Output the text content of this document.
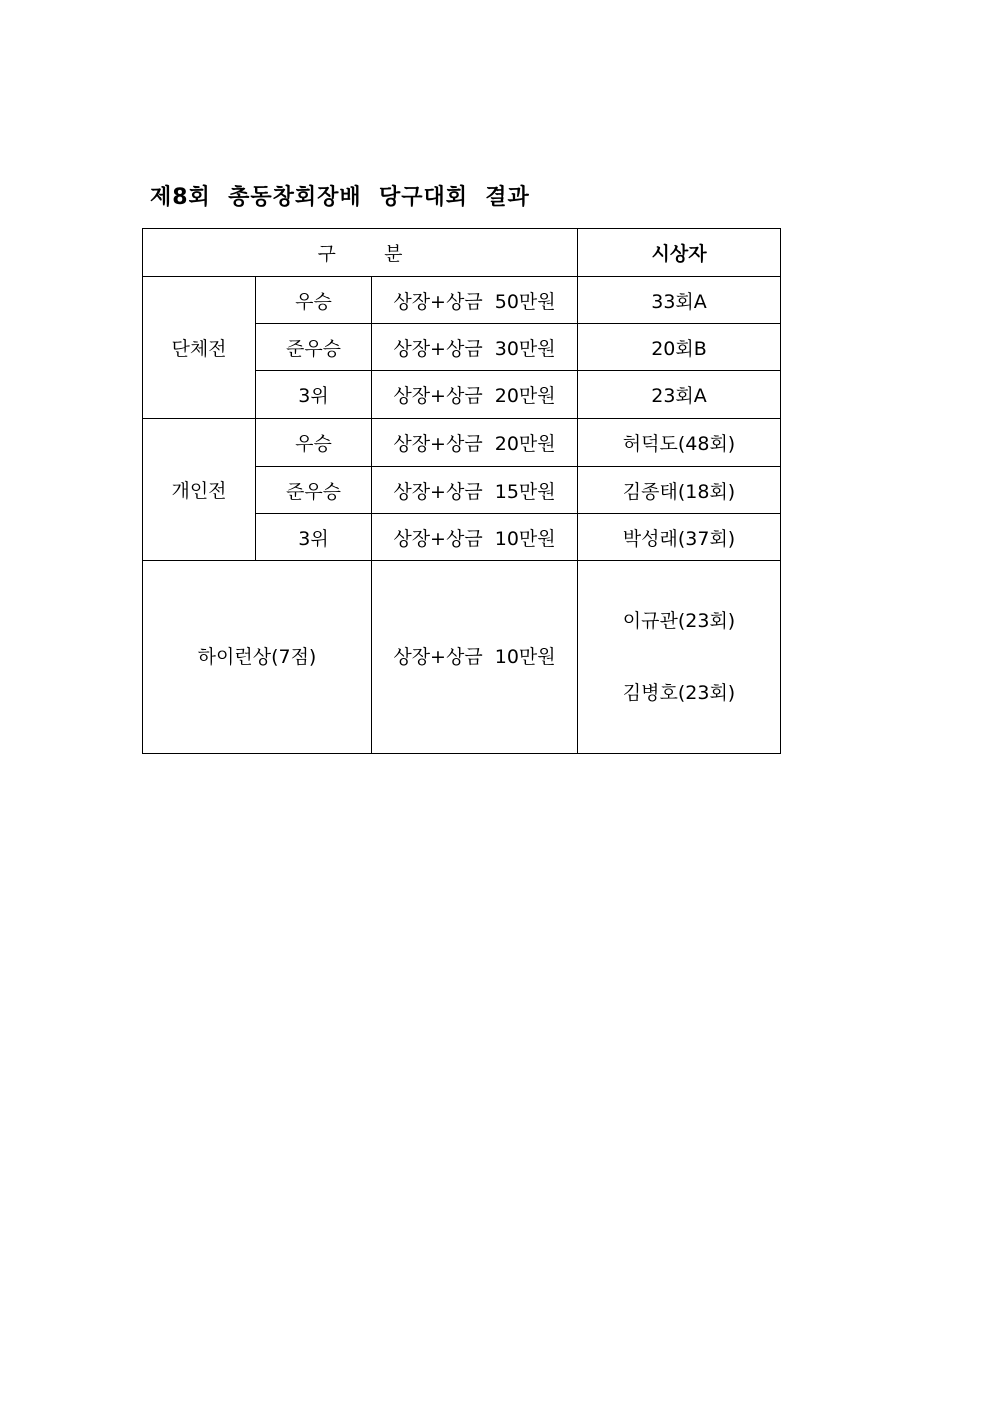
제8회  총동창회장배  당구대회  결과
구        분			시상자
단체전	우승	상장+상금  50만원	33회A
	준우승	상장+상금  30만원	20회B
	3위	상장+상금  20만원	23회A
개인전	우승	상장+상금  20만원	허덕도(48회)
	준우승	상장+상금  15만원	김종태(18회)
	3위	상장+상금  10만원	박성래(37회)
하이런상(7점)		상장+상금  10만원	이규관(23회)

김병호(23회)
